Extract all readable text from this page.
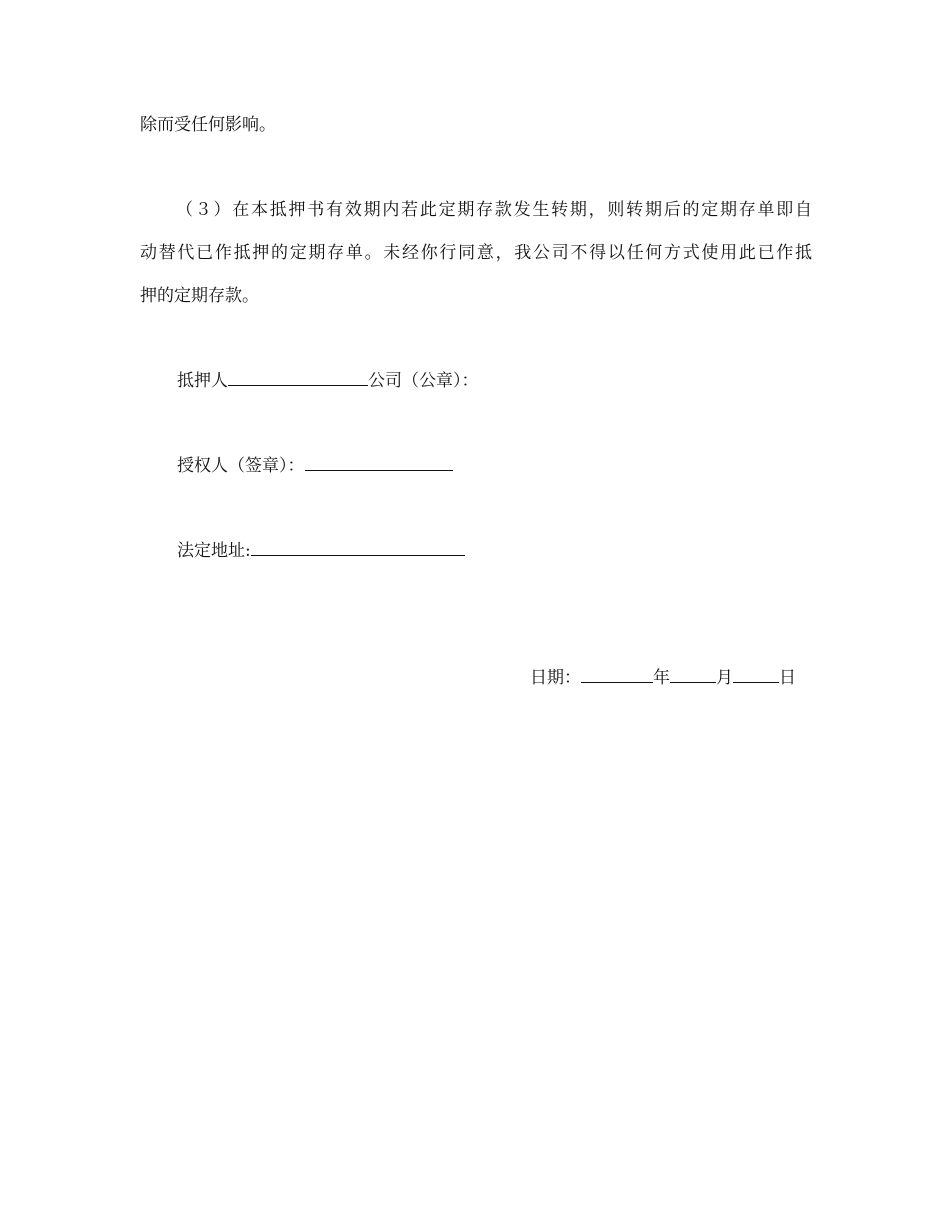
除而受任何影响。
（３）在本抵押书有效期内若此定期存款发生转期，则转期后的定期存单即自
动替代已作抵押的定期存单。未经你行同意，我公司不得以任何方式使用此已作抵
押的定期存款。
抵押人	公司（公章）：
授权人（签章）：
法定地址:
日期：	年	月	日
